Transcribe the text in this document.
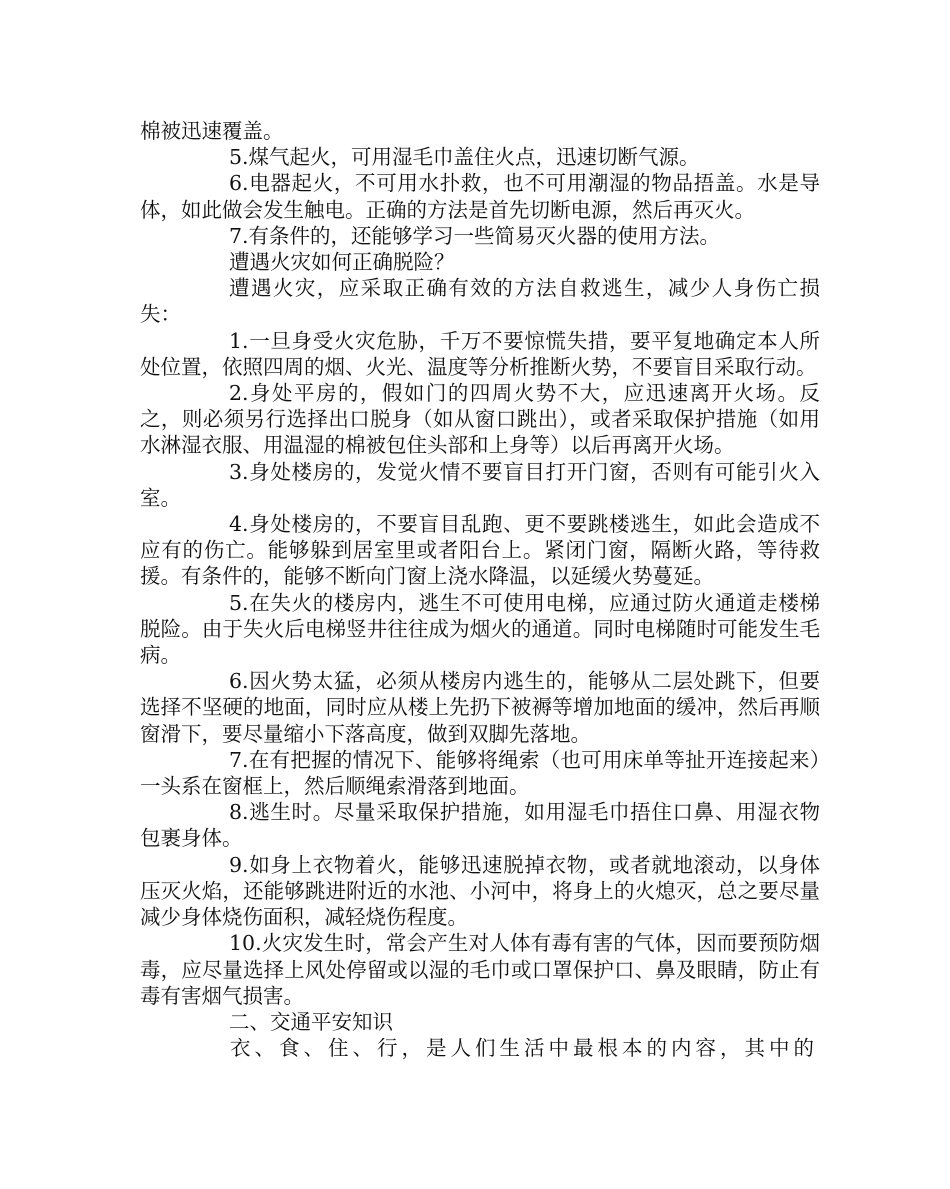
棉被迅速覆盖。

5.煤气起火，可用湿毛巾盖住火点，迅速切断气源。

6.电器起火，不可用水扑救，也不可用潮湿的物品捂盖。水是导体，如此做会发生触电。正确的方法是首先切断电源，然后再灭火。

7.有条件的，还能够学习一些简易灭火器的使用方法。

遭遇火灾如何正确脱险？

遭遇火灾，应采取正确有效的方法自救逃生，减少人身伤亡损失：

1.一旦身受火灾危胁，千万不要惊慌失措，要平复地确定本人所处位置，依照四周的烟、火光、温度等分析推断火势，不要盲目采取行动。

2.身处平房的，假如门的四周火势不大，应迅速离开火场。反之，则必须另行选择出口脱身（如从窗口跳出），或者采取保护措施（如用水淋湿衣服、用温湿的棉被包住头部和上身等）以后再离开火场。

3.身处楼房的，发觉火情不要盲目打开门窗，否则有可能引火入室。

4.身处楼房的，不要盲目乱跑、更不要跳楼逃生，如此会造成不应有的伤亡。能够躲到居室里或者阳台上。紧闭门窗，隔断火路，等待救援。有条件的，能够不断向门窗上浇水降温，以延缓火势蔓延。

5.在失火的楼房内，逃生不可使用电梯，应通过防火通道走楼梯脱险。由于失火后电梯竖井往往成为烟火的通道。同时电梯随时可能发生毛病。

6.因火势太猛，必须从楼房内逃生的，能够从二层处跳下，但要选择不坚硬的地面，同时应从楼上先扔下被褥等增加地面的缓冲，然后再顺窗滑下，要尽量缩小下落高度，做到双脚先落地。

7.在有把握的情况下、能够将绳索（也可用床单等扯开连接起来）一头系在窗框上，然后顺绳索滑落到地面。

8.逃生时。尽量采取保护措施，如用湿毛巾捂住口鼻、用湿衣物包裹身体。

9.如身上衣物着火，能够迅速脱掉衣物，或者就地滚动，以身体压灭火焰，还能够跳进附近的水池、小河中，将身上的火熄灭，总之要尽量减少身体烧伤面积，减轻烧伤程度。

10.火灾发生时，常会产生对人体有毒有害的气体，因而要预防烟毒，应尽量选择上风处停留或以湿的毛巾或口罩保护口、鼻及眼睛，防止有毒有害烟气损害。

二、交通平安知识

衣、食、住、行，是人们生活中最根本的内容，其中的
